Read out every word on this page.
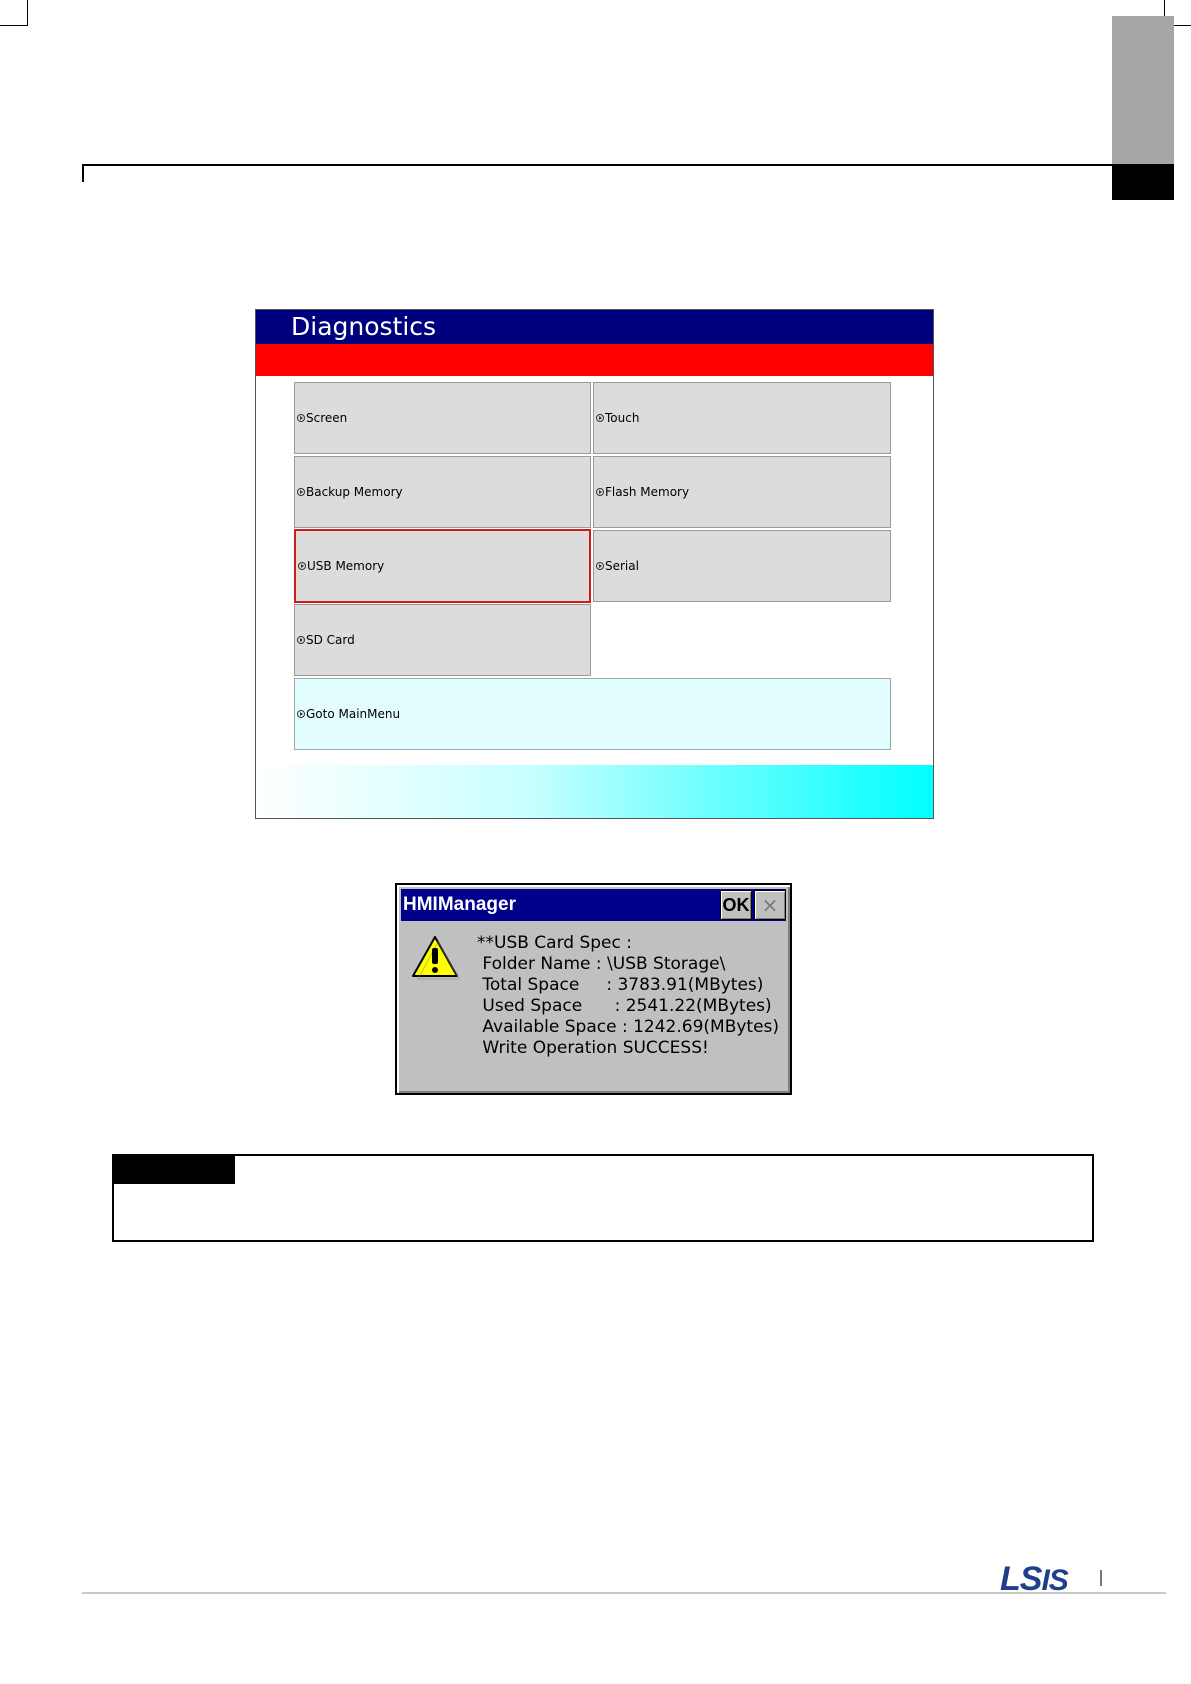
Diagnostics
Screen	Touch
Backup Memory	Flash Memory
USB Memory	Serial
SD Card
Goto MainMenu
HMIManager	OK ×
**USB Card Spec :
Folder Name : \USB Storage\
Total Space     : 3783.91(MBytes)
Used Space      : 2541.22(MBytes)
Available Space : 1242.69(MBytes)
Write Operation SUCCESS!
LSIS
